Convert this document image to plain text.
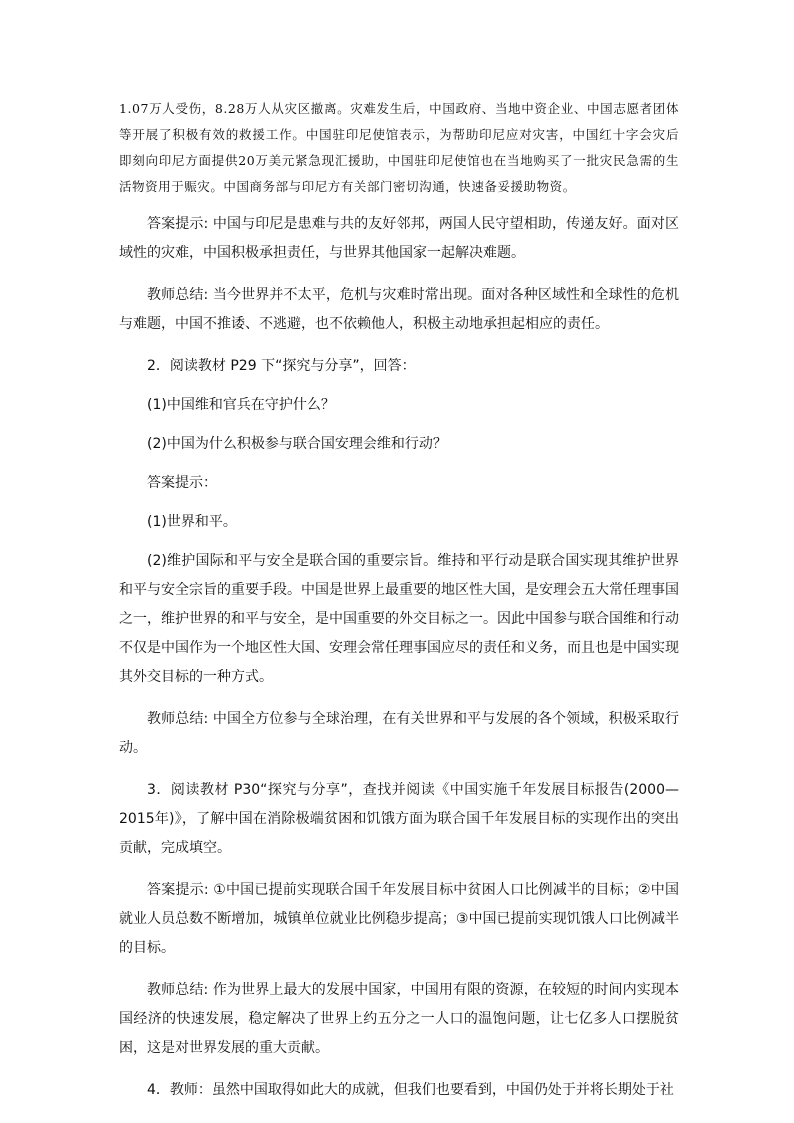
1.07万人受伤，8.28万人从灾区撤离。灾难发生后，中国政府、当地中资企业、中国志愿者团体等开展了积极有效的救援工作。中国驻印尼使馆表示，为帮助印尼应对灾害，中国红十字会灾后即刻向印尼方面提供20万美元紧急现汇援助，中国驻印尼使馆也在当地购买了一批灾民急需的生活物资用于赈灾。中国商务部与印尼方有关部门密切沟通，快速备妥援助物资。

答案提示: 中国与印尼是患难与共的友好邻邦，两国人民守望相助，传递友好。面对区域性的灾难，中国积极承担责任，与世界其他国家一起解决难题。

教师总结: 当今世界并不太平，危机与灾难时常出现。面对各种区域性和全球性的危机与难题，中国不推诿、不逃避，也不依赖他人，积极主动地承担起相应的责任。

2．阅读教材 P29 下“探究与分享”，回答：

(1)中国维和官兵在守护什么？

(2)中国为什么积极参与联合国安理会维和行动？

答案提示：

(1)世界和平。

(2)维护国际和平与安全是联合国的重要宗旨。维持和平行动是联合国实现其维护世界和平与安全宗旨的重要手段。中国是世界上最重要的地区性大国，是安理会五大常任理事国之一，维护世界的和平与安全，是中国重要的外交目标之一。因此中国参与联合国维和行动不仅是中国作为一个地区性大国、安理会常任理事国应尽的责任和义务，而且也是中国实现其外交目标的一种方式。

教师总结: 中国全方位参与全球治理，在有关世界和平与发展的各个领域，积极采取行动。

3．阅读教材 P30“探究与分享”，查找并阅读《中国实施千年发展目标报告(2000—2015年)》，了解中国在消除极端贫困和饥饿方面为联合国千年发展目标的实现作出的突出贡献，完成填空。

答案提示: ①中国已提前实现联合国千年发展目标中贫困人口比例减半的目标；②中国就业人员总数不断增加，城镇单位就业比例稳步提高；③中国已提前实现饥饿人口比例减半的目标。

教师总结: 作为世界上最大的发展中国家，中国用有限的资源，在较短的时间内实现本国经济的快速发展，稳定解决了世界上约五分之一人口的温饱问题，让七亿多人口摆脱贫困，这是对世界发展的重大贡献。

4．教师：虽然中国取得如此大的成就，但我们也要看到，中国仍处于并将长期处于社
